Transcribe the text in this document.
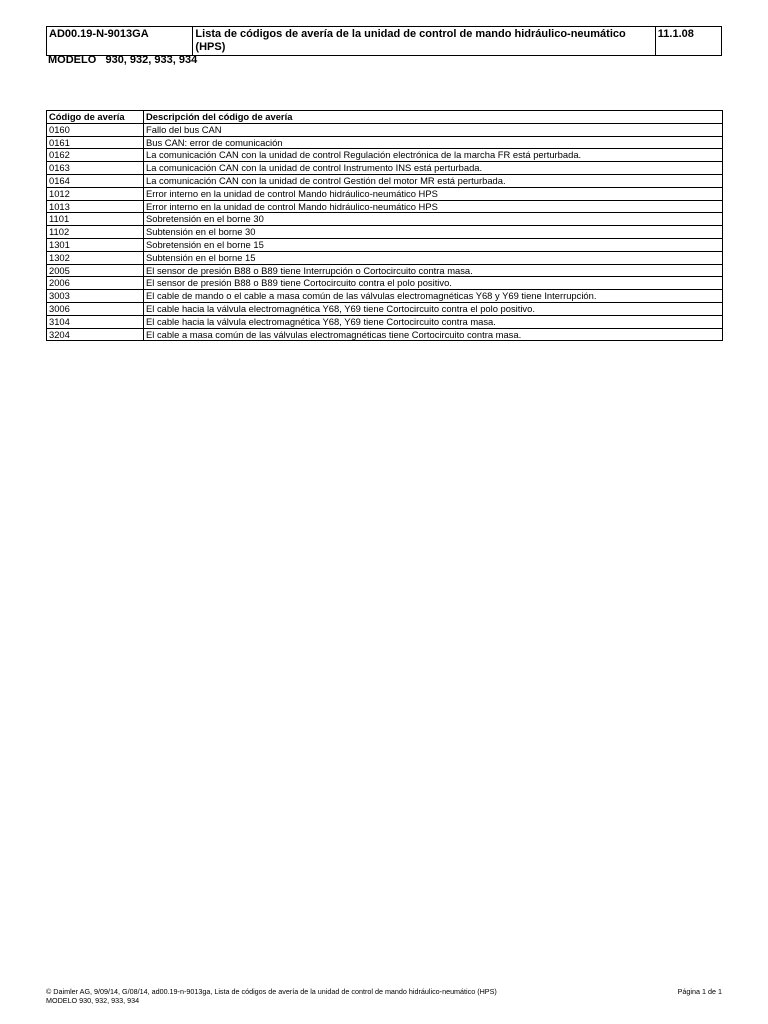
AD00.19-N-9013GA	Lista de códigos de avería de la unidad de control de mando hidráulico-neumático (HPS)	11.1.08
MODELO 930, 932, 933, 934
Código de avería	Descripción del código de avería
0160	Fallo del bus CAN
0161	Bus CAN: error de comunicación
0162	La comunicación CAN con la unidad de control Regulación electrónica de la marcha FR está perturbada.
0163	La comunicación CAN con la unidad de control Instrumento INS está perturbada.
0164	La comunicación CAN con la unidad de control Gestión del motor MR está perturbada.
1012	Error interno en la unidad de control Mando hidráulico-neumático HPS
1013	Error interno en la unidad de control Mando hidráulico-neumático HPS
1101	Sobretensión en el borne 30
1102	Subtensión en el borne 30
1301	Sobretensión en el borne 15
1302	Subtensión en el borne 15
2005	El sensor de presión B88 o B89 tiene Interrupción o Cortocircuito contra masa.
2006	El sensor de presión B88 o B89 tiene Cortocircuito contra el polo positivo.
3003	El cable de mando o el cable a masa común de las válvulas electromagnéticas Y68 y Y69 tiene Interrupción.
3006	El cable hacia la válvula electromagnética Y68, Y69 tiene Cortocircuito contra el polo positivo.
3104	El cable hacia la válvula electromagnética Y68, Y69 tiene Cortocircuito contra masa.
3204	El cable a masa común de las válvulas electromagnéticas tiene Cortocircuito contra masa.
© Daimler AG, 9/09/14, G/08/14, ad00.19-n-9013ga, Lista de códigos de avería de la unidad de control de mando hidráulico-neumático (HPS)	Página 1 de 1
MODELO 930, 932, 933, 934
